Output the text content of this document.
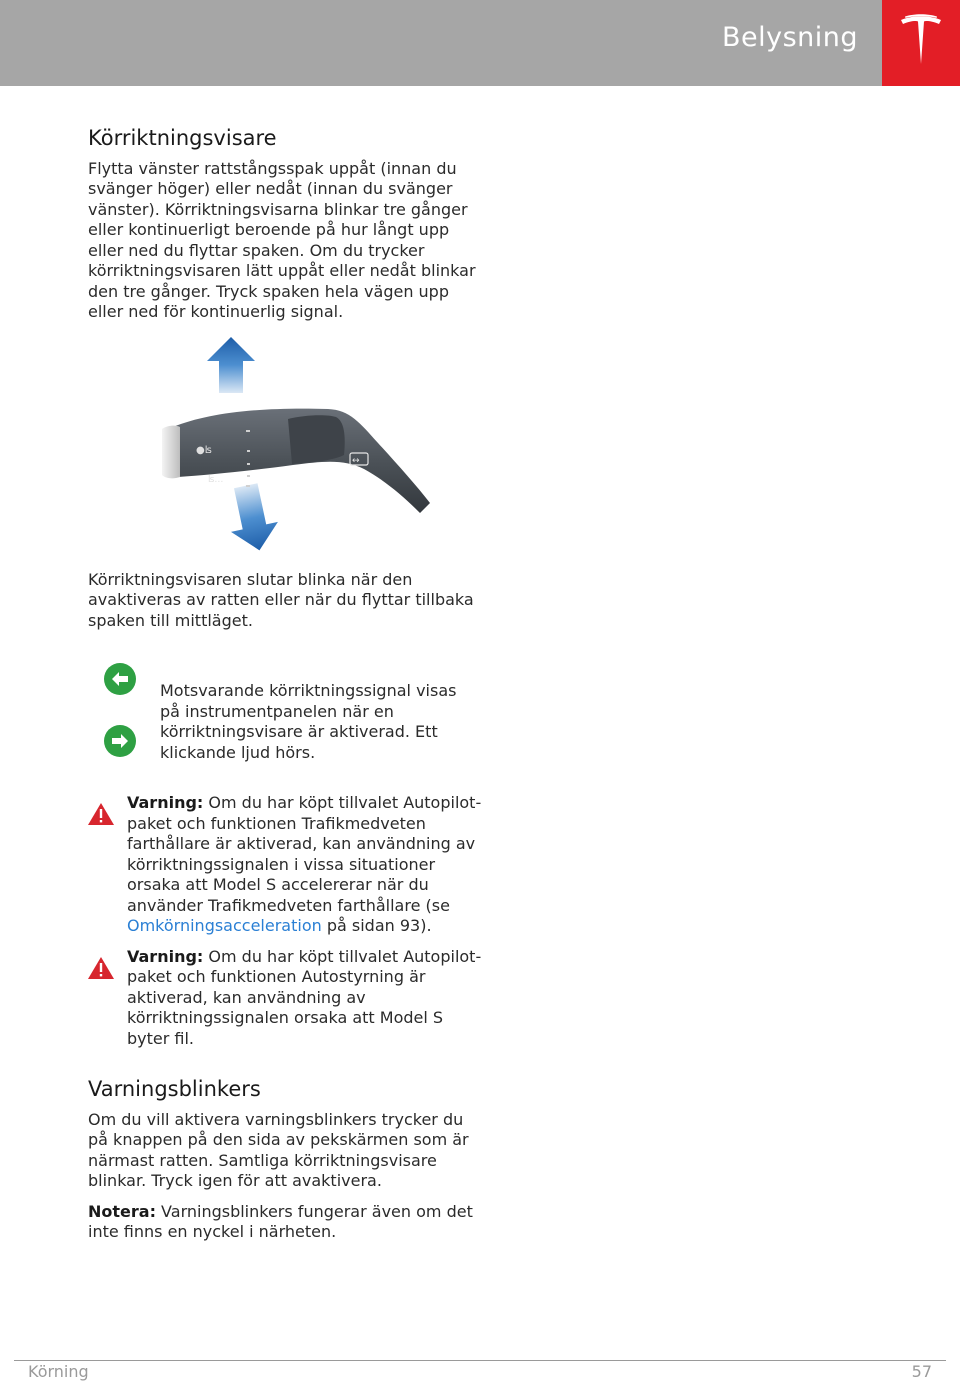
Belysning
Körriktningsvisare

Flytta vänster rattstångsspak uppåt (innan du svänger höger) eller nedåt (innan du svänger vänster). Körriktningsvisarna blinkar tre gånger eller kontinuerligt beroende på hur långt upp eller ned du flyttar spaken. Om du trycker körriktningsvisaren lätt uppåt eller nedåt blinkar den tre gånger. Tryck spaken hela vägen upp eller ned för kontinuerlig signal.

●ʪ
ʪ…
↔

Körriktningsvisaren slutar blinka när den avaktiveras av ratten eller när du flyttar tillbaka spaken till mittläget.

Motsvarande körriktningssignal visas på instrumentpanelen när en körriktningsvisare är aktiverad. Ett klickande ljud hörs.

Varning: Om du har köpt tillvalet Autopilot-paket och funktionen Trafikmedveten farthållare är aktiverad, kan användning av körriktningssignalen i vissa situationer orsaka att Model S accelererar när du använder Trafikmedveten farthållare (se Omkörningsacceleration på sidan 93).

Varning: Om du har köpt tillvalet Autopilot-paket och funktionen Autostyrning är aktiverad, kan användning av körriktningssignalen orsaka att Model S byter fil.

Varningsblinkers

Om du vill aktivera varningsblinkers trycker du på knappen på den sida av pekskärmen som är närmast ratten. Samtliga körriktningsvisare blinkar. Tryck igen för att avaktivera.

Notera: Varningsblinkers fungerar även om det inte finns en nyckel i närheten.

Körning	57
